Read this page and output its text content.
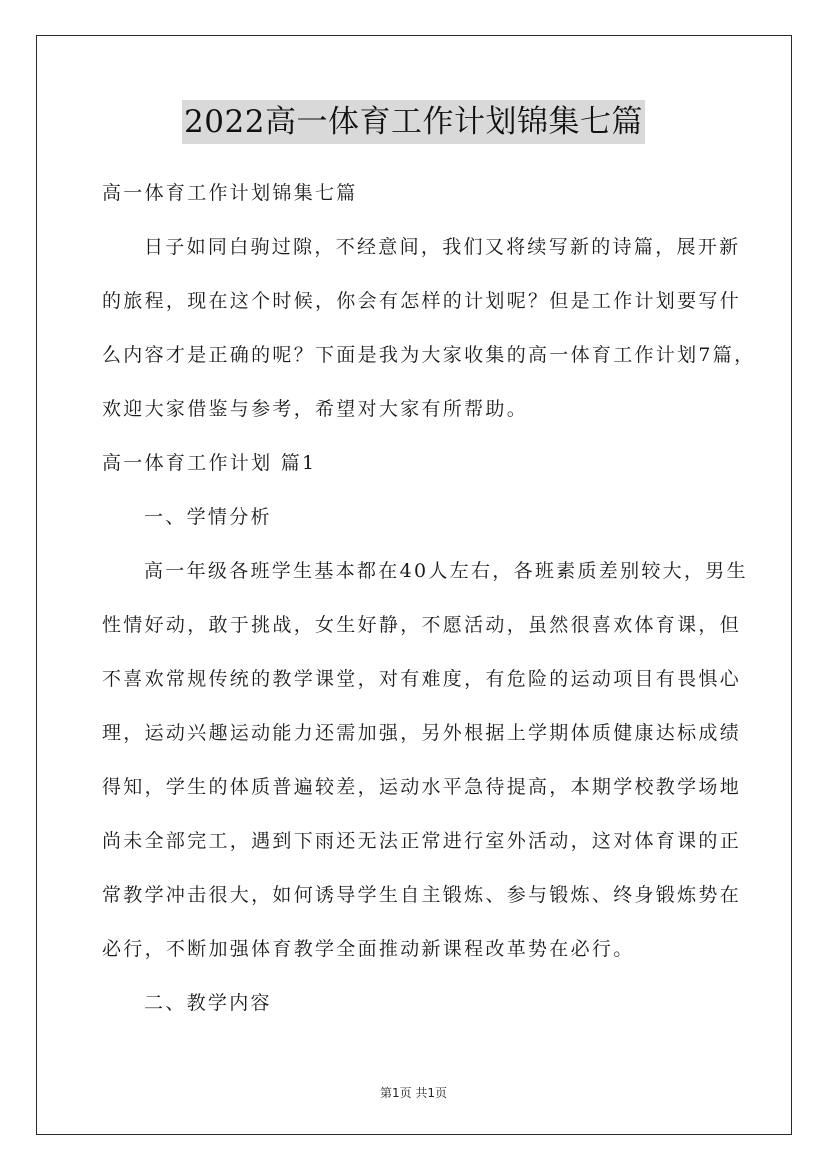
2022高一体育工作计划锦集七篇
高一体育工作计划锦集七篇
日子如同白驹过隙，不经意间，我们又将续写新的诗篇，展开新
的旅程，现在这个时候，你会有怎样的计划呢？但是工作计划要写什
么内容才是正确的呢？下面是我为大家收集的高一体育工作计划7篇，
欢迎大家借鉴与参考，希望对大家有所帮助。
高一体育工作计划 篇1
一、学情分析
高一年级各班学生基本都在40人左右，各班素质差别较大，男生
性情好动，敢于挑战，女生好静，不愿活动，虽然很喜欢体育课，但
不喜欢常规传统的教学课堂，对有难度，有危险的运动项目有畏惧心
理，运动兴趣运动能力还需加强，另外根据上学期体质健康达标成绩
得知，学生的体质普遍较差，运动水平急待提高，本期学校教学场地
尚未全部完工，遇到下雨还无法正常进行室外活动，这对体育课的正
常教学冲击很大，如何诱导学生自主锻炼、参与锻炼、终身锻炼势在
必行，不断加强体育教学全面推动新课程改革势在必行。
二、教学内容
第1页 共1页
